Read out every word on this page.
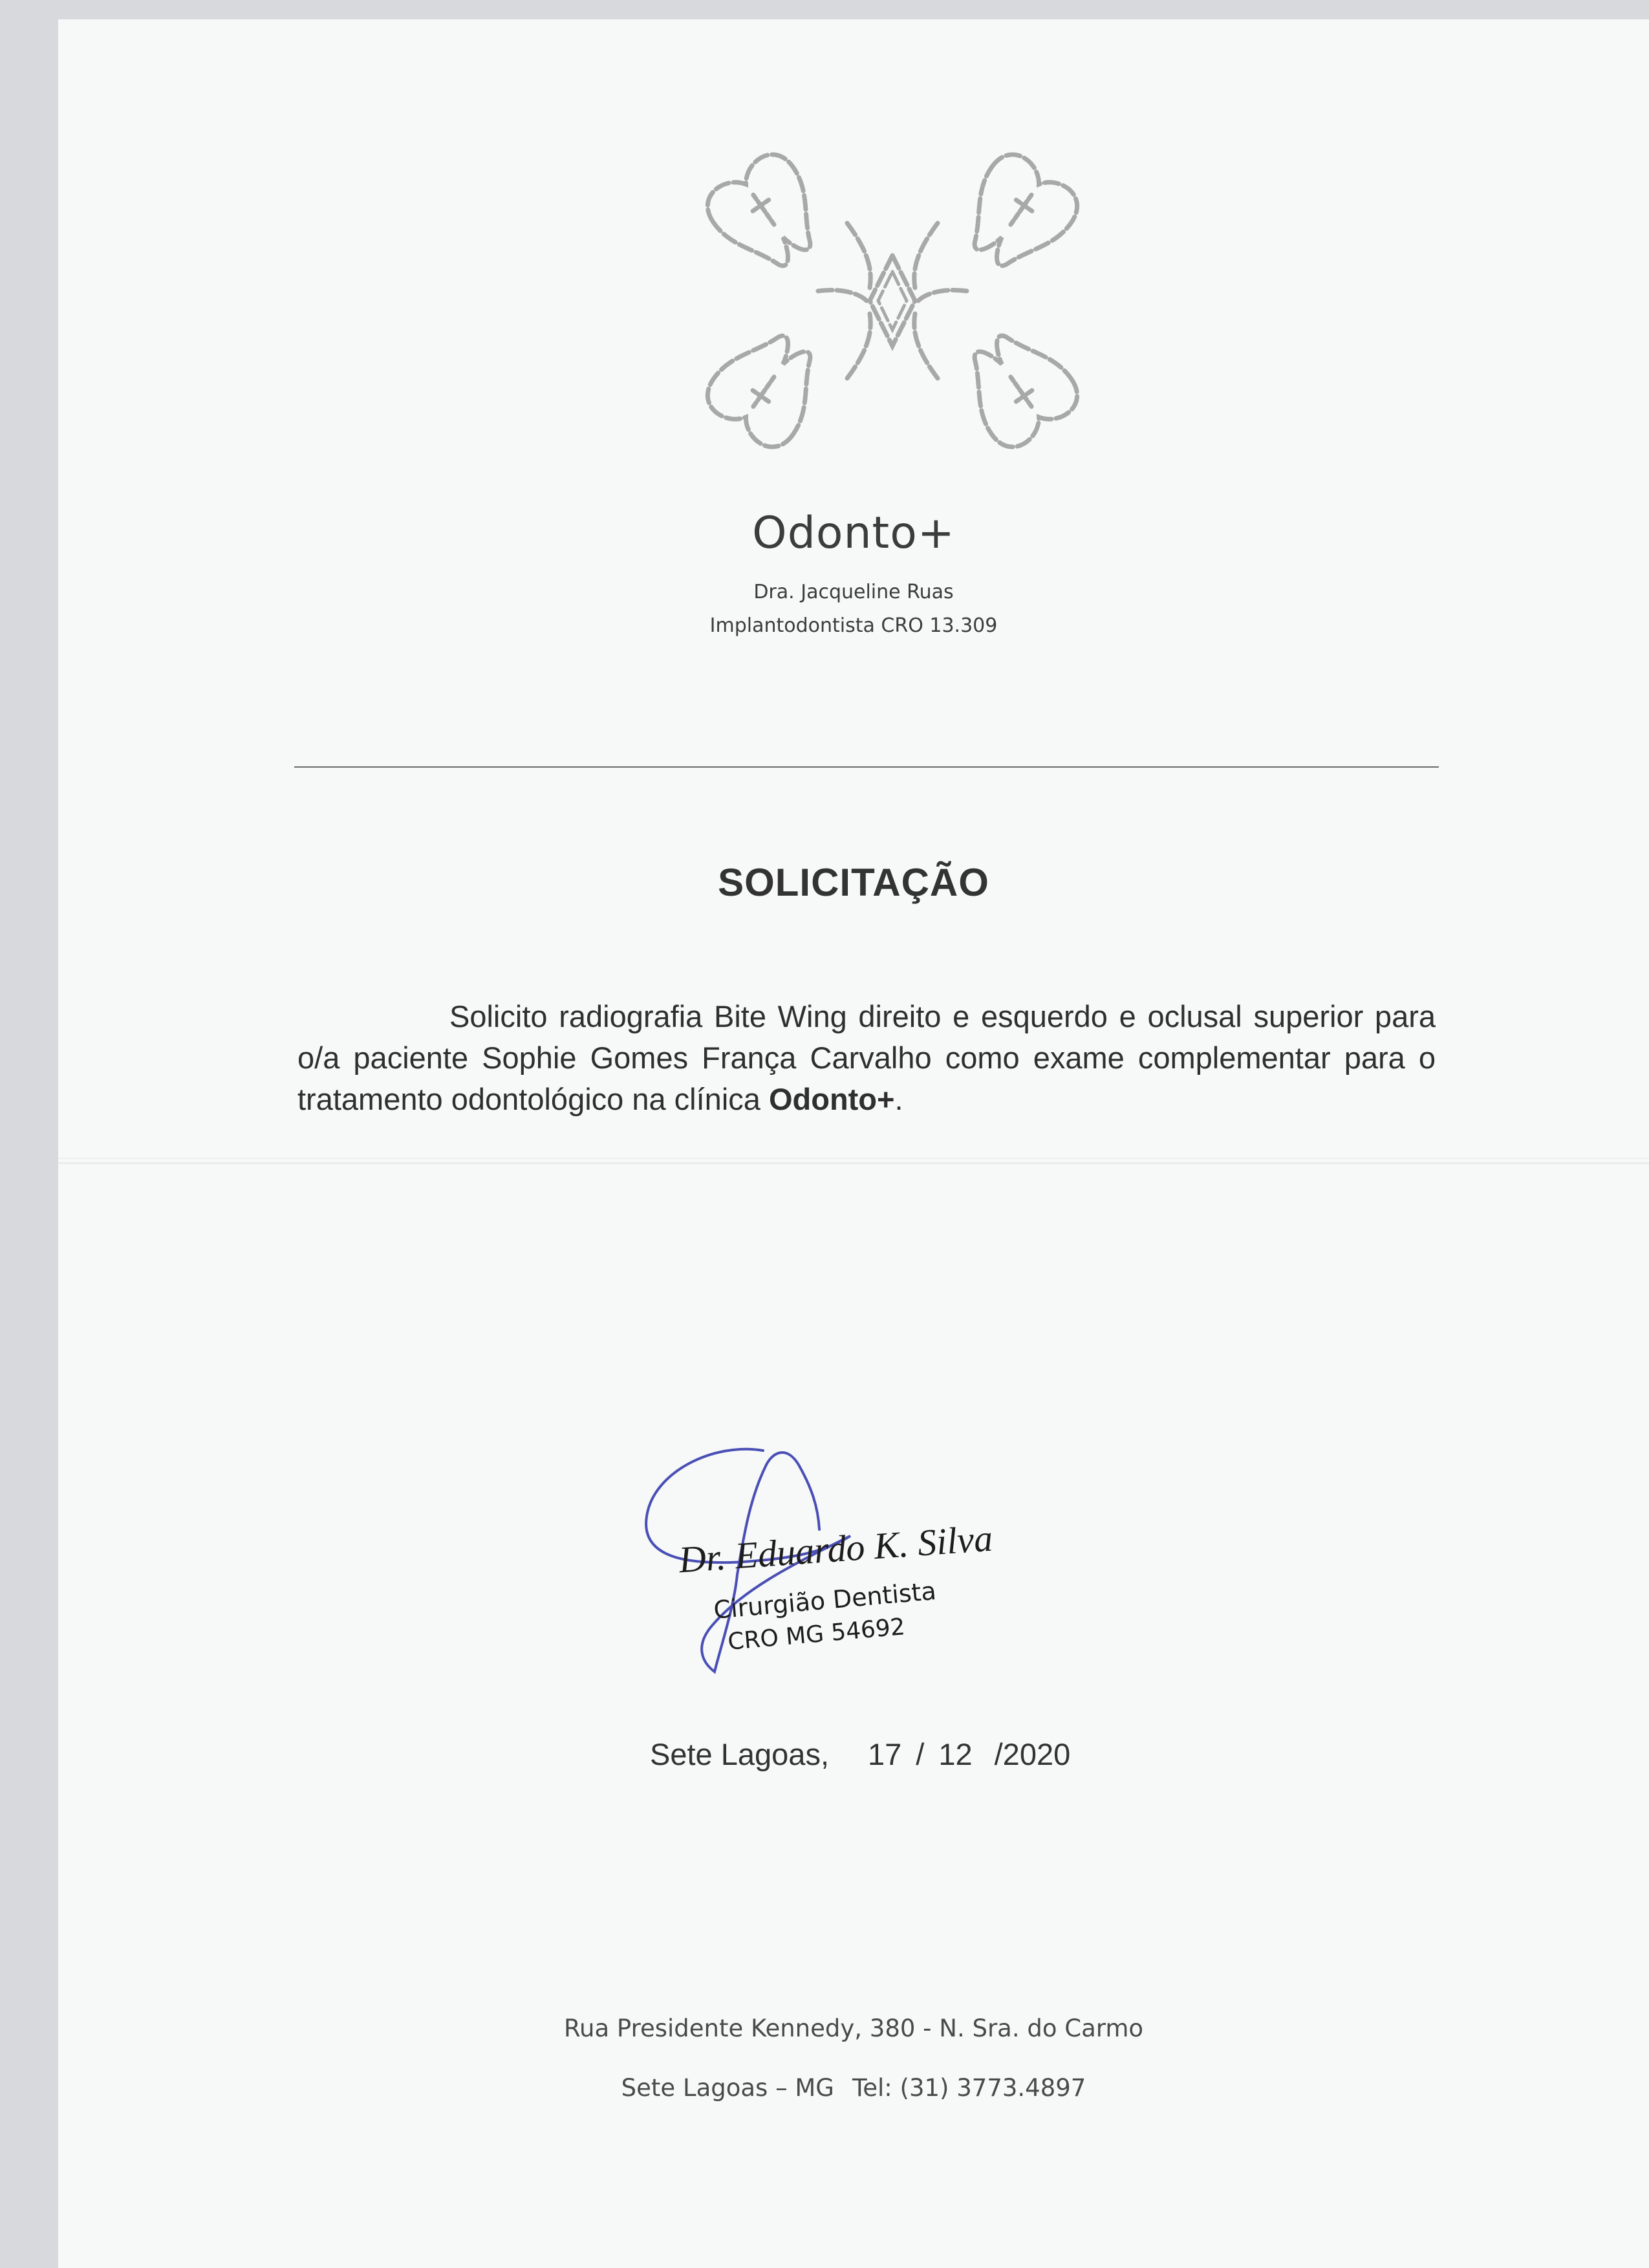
Odonto+
Dra. Jacqueline Ruas
Implantodontista CRO 13.309
SOLICITAÇÃO

Solicito radiografia Bite Wing direito e esquerdo e oclusal superior para o/a paciente Sophie Gomes França Carvalho como exame complementar para o tratamento odontológico na clínica Odonto+.

Dr. Eduardo K. Silva
Cirurgião Dentista
CRO MG 54692
Sete Lagoas, 17 / 12 /2020
Rua Presidente Kennedy, 380 - N. Sra. do Carmo
Sete Lagoas – MG Tel: (31) 3773.4897
